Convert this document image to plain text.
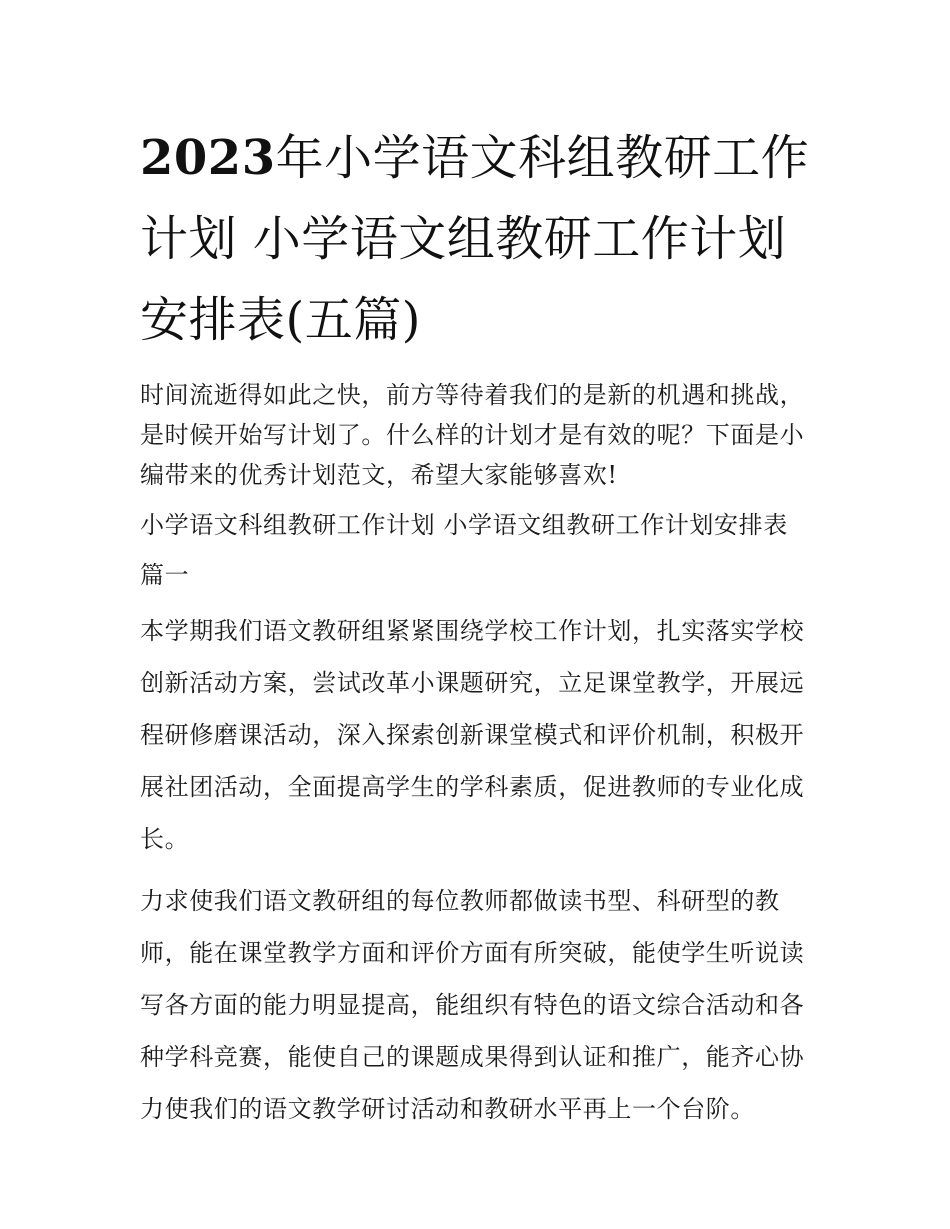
2023年小学语文科组教研工作计划 小学语文组教研工作计划安排表(五篇)

时间流逝得如此之快，前方等待着我们的是新的机遇和挑战，是时候开始写计划了。什么样的计划才是有效的呢？下面是小编带来的优秀计划范文，希望大家能够喜欢!

小学语文科组教研工作计划 小学语文组教研工作计划安排表

篇一

本学期我们语文教研组紧紧围绕学校工作计划，扎实落实学校创新活动方案，尝试改革小课题研究，立足课堂教学，开展远程研修磨课活动，深入探索创新课堂模式和评价机制，积极开展社团活动，全面提高学生的学科素质，促进教师的专业化成长。

力求使我们语文教研组的每位教师都做读书型、科研型的教师，能在课堂教学方面和评价方面有所突破，能使学生听说读写各方面的能力明显提高，能组织有特色的语文综合活动和各种学科竞赛，能使自己的课题成果得到认证和推广，能齐心协力使我们的语文教学研讨活动和教研水平再上一个台阶。
